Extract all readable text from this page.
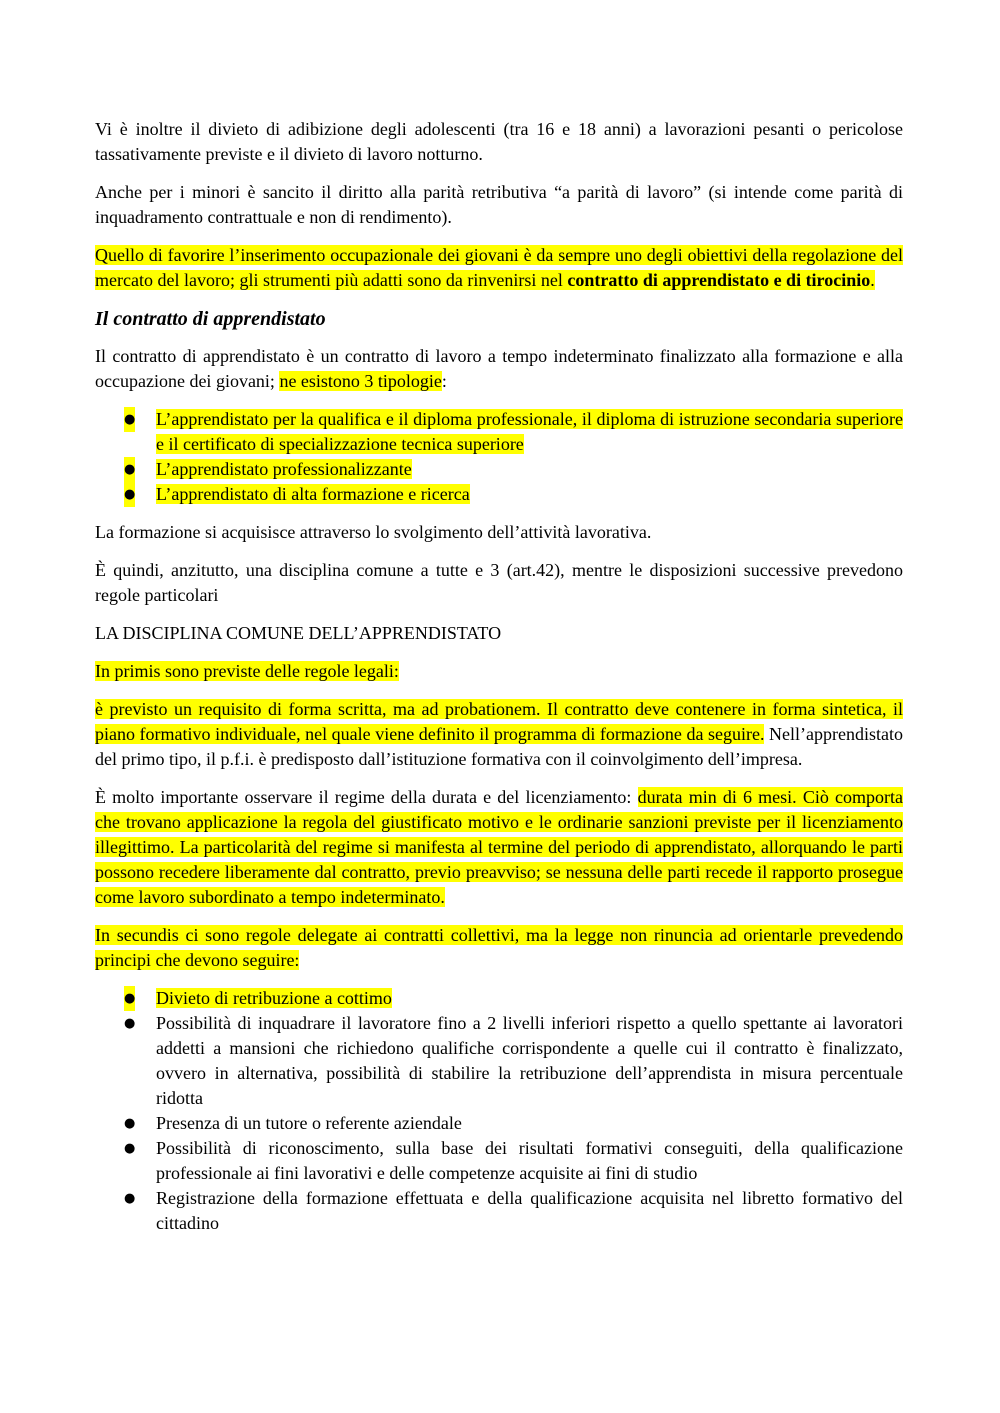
Vi è inoltre il divieto di adibizione degli adolescenti (tra 16 e 18 anni) a lavorazioni pesanti o pericolose tassativamente previste e il divieto di lavoro notturno.

Anche per i minori è sancito il diritto alla parità retributiva “a parità di lavoro” (si intende come parità di inquadramento contrattuale e non di rendimento).

Quello di favorire l’inserimento occupazionale dei giovani è da sempre uno degli obiettivi della regolazione del mercato del lavoro; gli strumenti più adatti sono da rinvenirsi nel contratto di apprendistato e di tirocinio.

Il contratto di apprendistato

Il contratto di apprendistato è un contratto di lavoro a tempo indeterminato finalizzato alla formazione e alla occupazione dei giovani; ne esistono 3 tipologie:

● L’apprendistato per la qualifica e il diploma professionale, il diploma di istruzione secondaria superiore e il certificato di specializzazione tecnica superiore
● L’apprendistato professionalizzante
● L’apprendistato di alta formazione e ricerca

La formazione si acquisisce attraverso lo svolgimento dell’attività lavorativa.

È quindi, anzitutto, una disciplina comune a tutte e 3 (art.42), mentre le disposizioni successive prevedono regole particolari

LA DISCIPLINA COMUNE DELL’APPRENDISTATO

In primis sono previste delle regole legali:

è previsto un requisito di forma scritta, ma ad probationem. Il contratto deve contenere in forma sintetica, il piano formativo individuale, nel quale viene definito il programma di formazione da seguire. Nell’apprendistato del primo tipo, il p.f.i. è predisposto dall’istituzione formativa con il coinvolgimento dell’impresa.

È molto importante osservare il regime della durata e del licenziamento: durata min di 6 mesi. Ciò comporta che trovano applicazione la regola del giustificato motivo e le ordinarie sanzioni previste per il licenziamento illegittimo. La particolarità del regime si manifesta al termine del periodo di apprendistato, allorquando le parti possono recedere liberamente dal contratto, previo preavviso; se nessuna delle parti recede il rapporto prosegue come lavoro subordinato a tempo indeterminato.

In secundis ci sono regole delegate ai contratti collettivi, ma la legge non rinuncia ad orientarle prevedendo principi che devono seguire:

● Divieto di retribuzione a cottimo
● Possibilità di inquadrare il lavoratore fino a 2 livelli inferiori rispetto a quello spettante ai lavoratori addetti a mansioni che richiedono qualifiche corrispondente a quelle cui il contratto è finalizzato, ovvero in alternativa, possibilità di stabilire la retribuzione dell’apprendista in misura percentuale ridotta
● Presenza di un tutore o referente aziendale
● Possibilità di riconoscimento, sulla base dei risultati formativi conseguiti, della qualificazione professionale ai fini lavorativi e delle competenze acquisite ai fini di studio
● Registrazione della formazione effettuata e della qualificazione acquisita nel libretto formativo del cittadino
